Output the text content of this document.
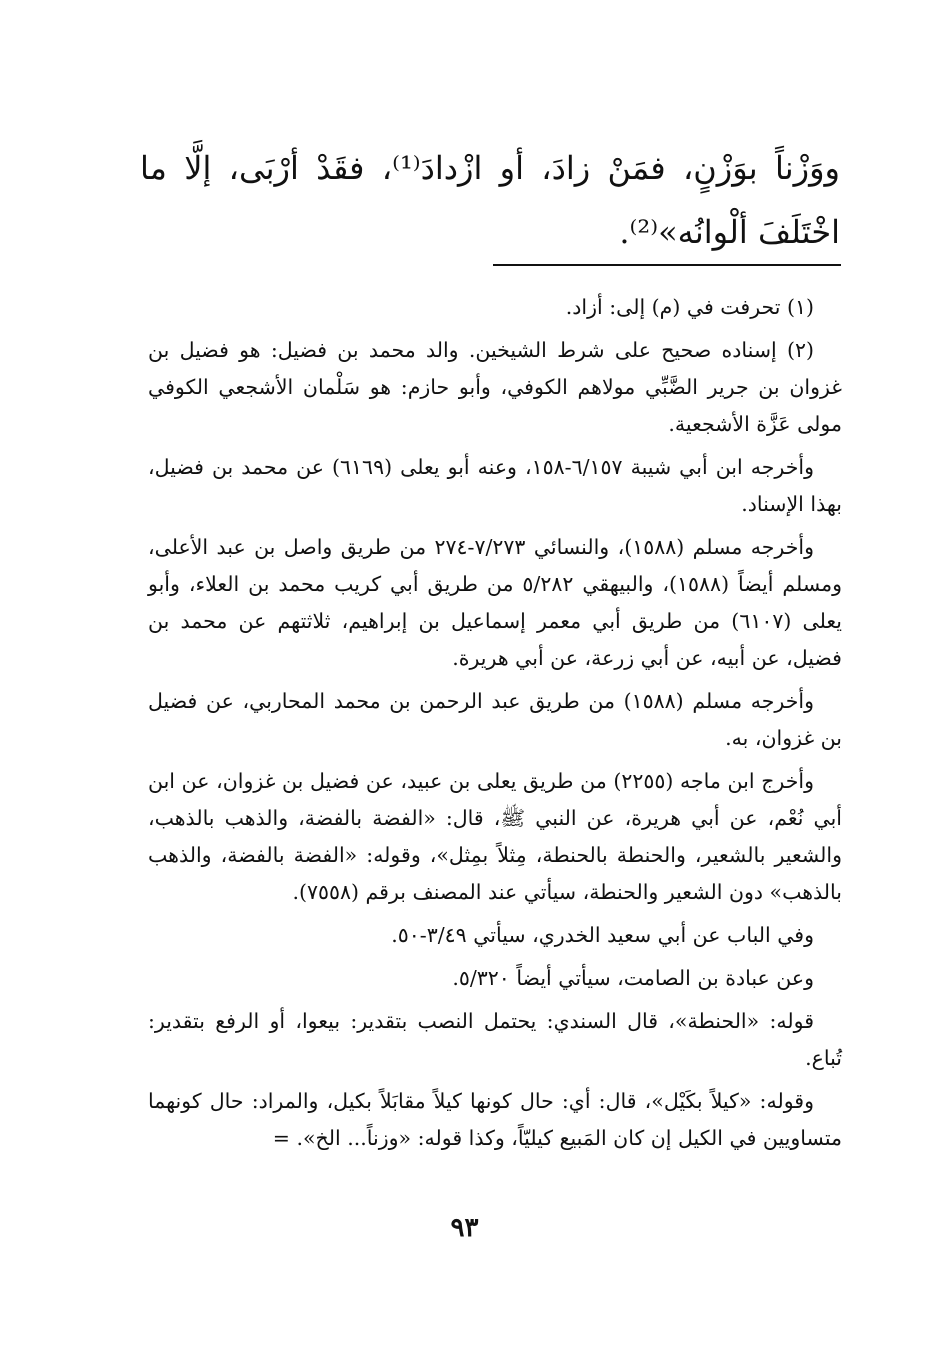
ووَزْناً بوَزْنٍ، فمَنْ زادَ، أو ازْدادَ⁽¹⁾، فقَدْ أرْبَى، إلَّا ما اخْتَلَفَ ألْوانُه»⁽²⁾.

(١) تحرفت في (م) إلى: أزاد.

(٢) إسناده صحيح على شرط الشيخين. والد محمد بن فضيل: هو فضيل بن غزوان بن جرير الضَّبِّي مولاهم الكوفي، وأبو حازم: هو سَلْمان الأشجعي الكوفي مولى عَزَّة الأشجعية.

وأخرجه ابن أبي شيبة ٦/١٥٧-١٥٨، وعنه أبو يعلى (٦١٦٩) عن محمد بن فضيل، بهذا الإسناد.

وأخرجه مسلم (١٥٨٨)، والنسائي ٧/٢٧٣-٢٧٤ من طريق واصل بن عبد الأعلى، ومسلم أيضاً (١٥٨٨)، والبيهقي ٥/٢٨٢ من طريق أبي كريب محمد بن العلاء، وأبو يعلى (٦١٠٧) من طريق أبي معمر إسماعيل بن إبراهيم، ثلاثتهم عن محمد بن فضيل، عن أبيه، عن أبي زرعة، عن أبي هريرة.

وأخرجه مسلم (١٥٨٨) من طريق عبد الرحمن بن محمد المحاربي، عن فضيل بن غزوان، به.

وأخرج ابن ماجه (٢٢٥٥) من طريق يعلى بن عبيد، عن فضيل بن غزوان، عن ابن أبي نُعْم، عن أبي هريرة، عن النبي ﷺ، قال: «الفضة بالفضة، والذهب بالذهب، والشعير بالشعير، والحنطة بالحنطة، مِثلاً بمِثل»، وقوله: «الفضة بالفضة، والذهب بالذهب» دون الشعير والحنطة، سيأتي عند المصنف برقم (٧٥٥٨).

وفي الباب عن أبي سعيد الخدري، سيأتي ٣/٤٩-٥٠.

وعن عبادة بن الصامت، سيأتي أيضاً ٥/٣٢٠.

قوله: «الحنطة»، قال السندي: يحتمل النصب بتقدير: بيعوا، أو الرفع بتقدير: تُباع.

وقوله: «كيلاً بكَيْل»، قال: أي: حال كونها كيلاً مقابَلاً بكيل، والمراد: حال كونهما متساويين في الكيل إن كان المَبيع كيليّاً، وكذا قوله: «وزناً... الخ». =

٩٣
